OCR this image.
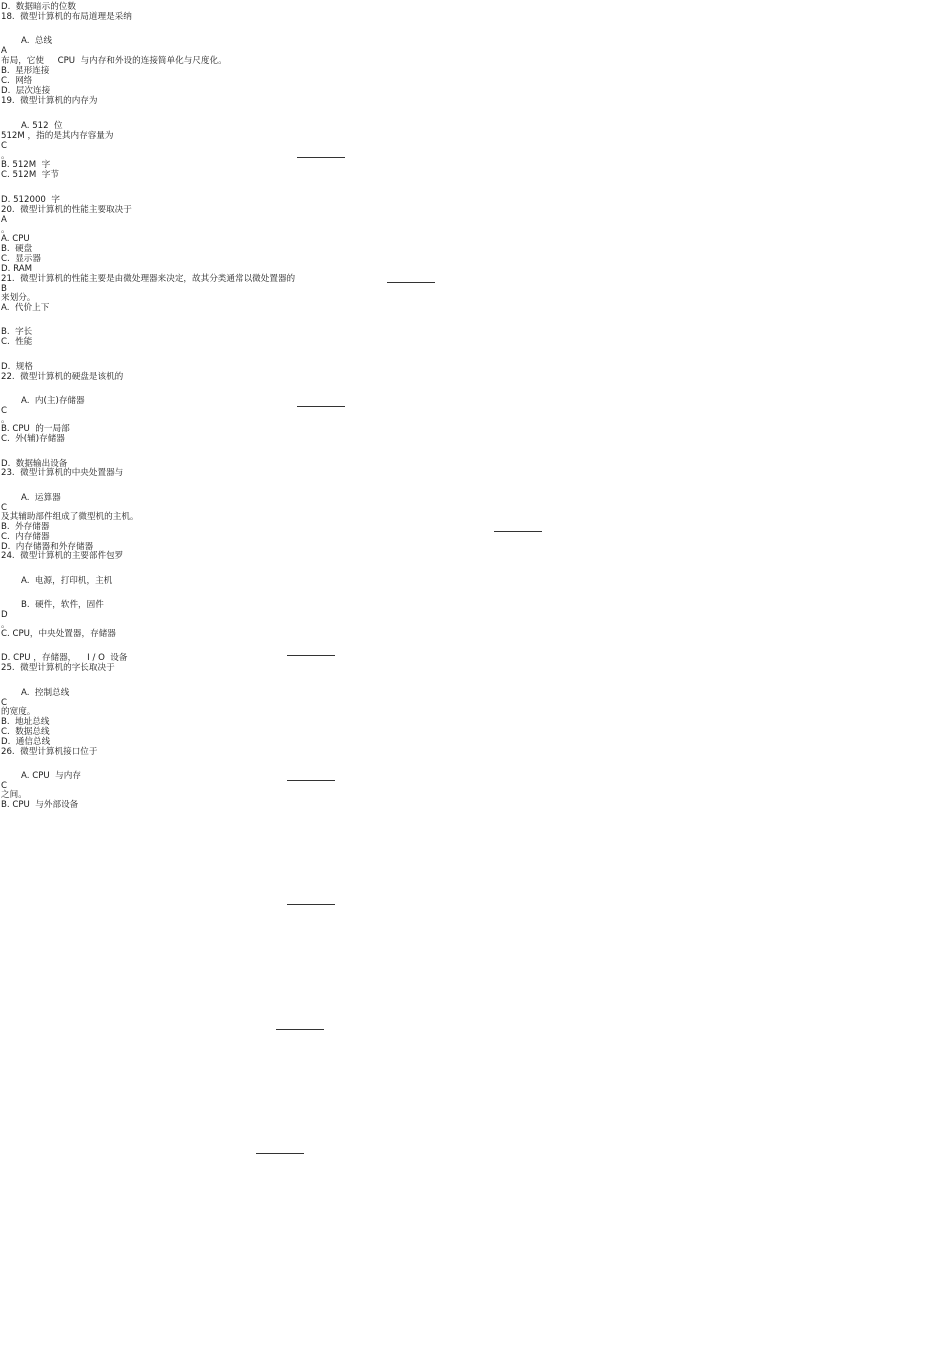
D.  数据暗示的位数

18.  微型计算机的布局道理是采纳

A.  总线

A

布局，它使     CPU  与内存和外设的连接简单化与尺度化。

B.  星形连接

C.  网络

D.  层次连接

19.  微型计算机的内存为

A. 512  位

512M ，指的是其内存容量为

C

。

B. 512M  字

C. 512M  字节

D. 512000  字

20.  微型计算机的性能主要取决于

A

。

A. CPU

B.  硬盘

C.  显示器

D. RAM

21.  微型计算机的性能主要是由微处理器来决定，故其分类通常以微处置器的

B

来划分。

A.  代价上下

B.  字长

C.  性能

D.  规格

22.  微型计算机的硬盘是该机的

A.  内(主)存储器

C

。

B. CPU  的一局部

C.  外(辅)存储器

D.  数据输出设备

23.  微型计算机的中央处置器与

A.  运算器

C

及其辅助部件组成了微型机的主机。

B.  外存储器

C.  内存储器

D.  内存储器和外存储器

24.  微型计算机的主要部件包罗

A.  电源，打印机，主机

B.  硬件，软件，固件

D

。

C. CPU，中央处置器，存储器

D. CPU ，存储器，    I / O  设备

25.  微型计算机的字长取决于

A.  控制总线

C

的宽度。

B.  地址总线

C.  数据总线

D.  通信总线

26.  微型计算机接口位于

A. CPU  与内存

C

之间。

B. CPU  与外部设备
